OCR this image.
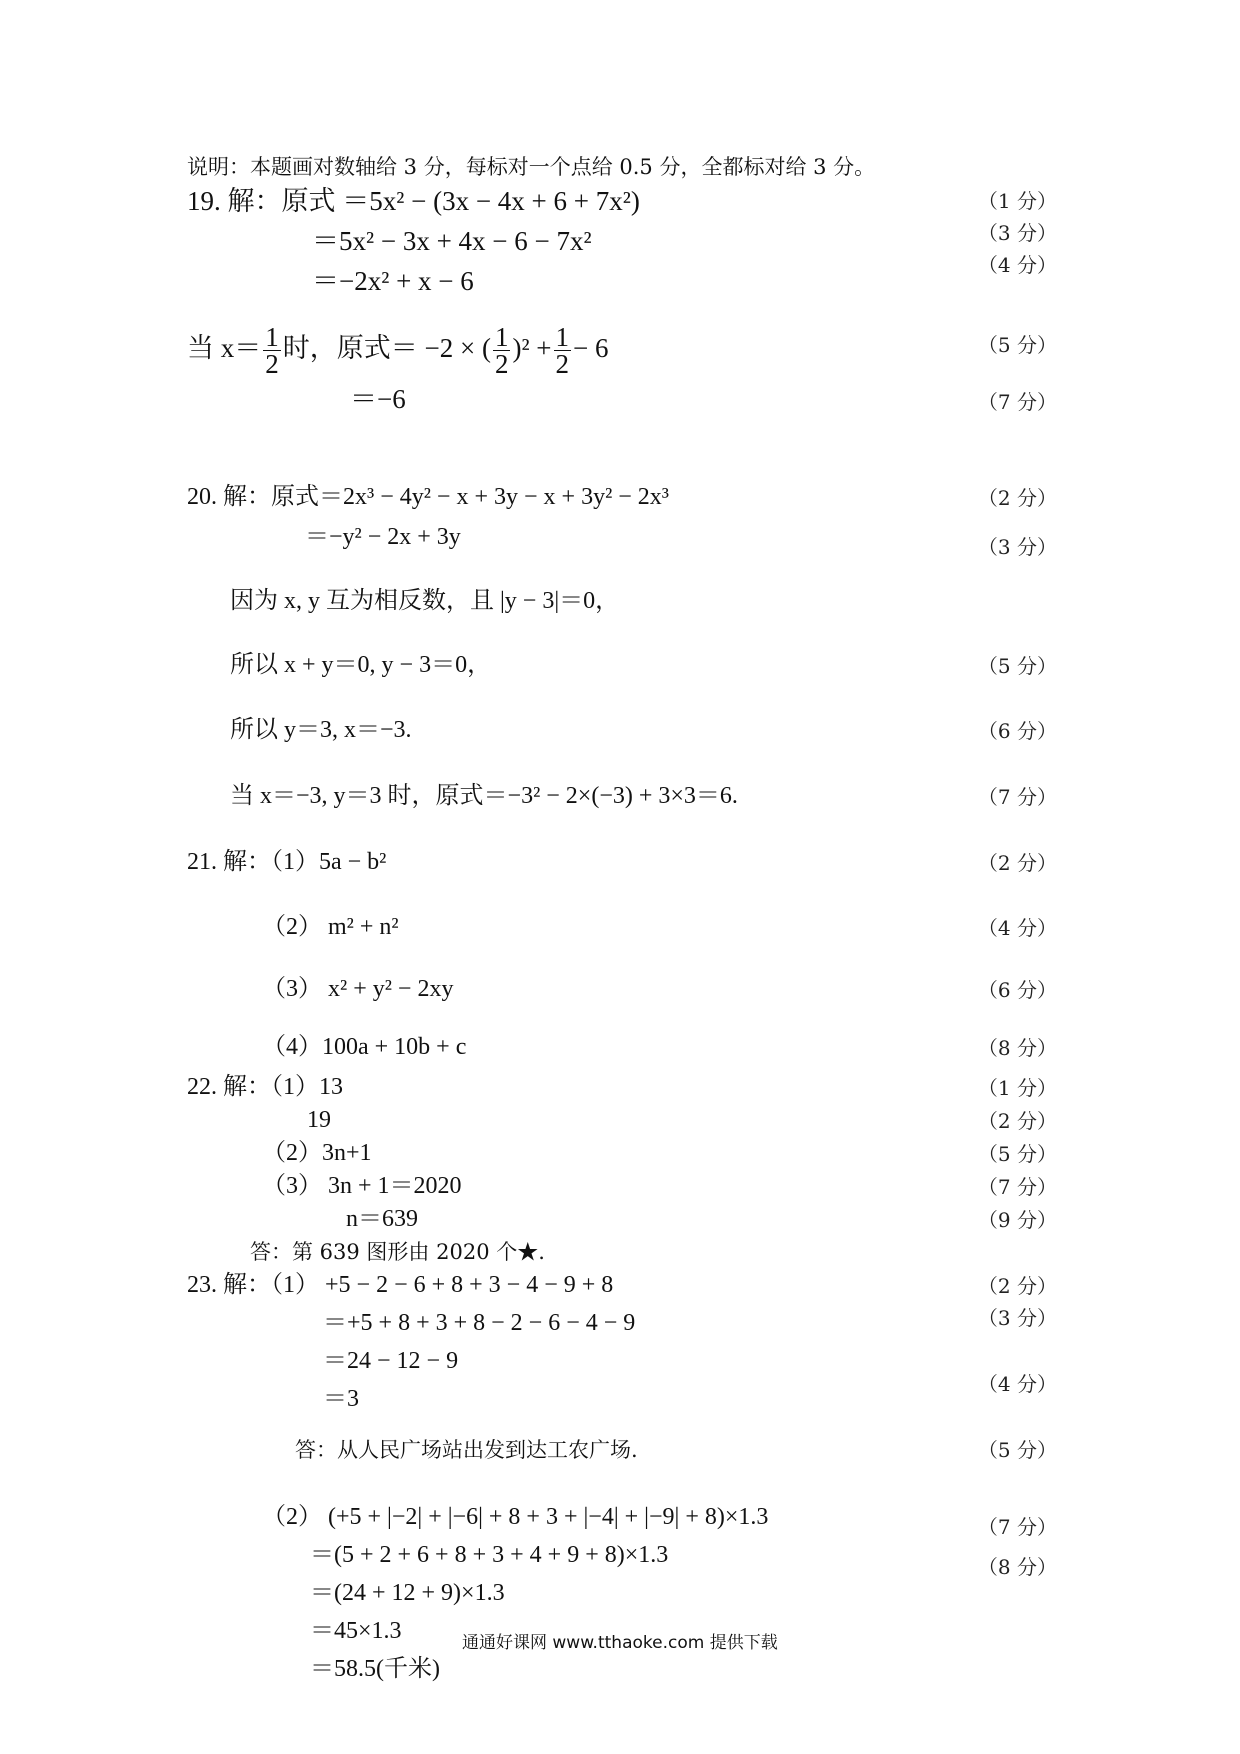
说明：本题画对数轴给 3 分，每标对一个点给 0.5 分，全都标对给 3 分。
19. 解：原式 ＝5x² − (3x − 4x + 6 + 7x²)
＝5x² − 3x + 4x − 6 − 7x²
＝−2x² + x − 6
当 $x= \frac{1}{2}$ 时，原式＝ −2 × ( $\frac{1}{2} )^2 + \frac{1}{2} - 6$
＝−6
20. 解：原式＝2x³ − 4y² − x + 3y − x + 3y² − 2x³
＝−y² − 2x + 3y
因为 x, y 互为相反数，且 |y − 3|＝0，
所以 x + y＝0, y − 3＝0，
所以 y＝3, x＝−3.
当 x＝−3, y＝3 时，原式＝−3² − 2×(−3) + 3×3＝6.
21. 解：（1）5a − b²
（2） m² + n²
（3） x² + y² − 2xy
（4）100a + 10b + c
22. 解：（1）13
19
（2）3n+1
（3） 3n + 1＝2020
n＝639
答：第 639 图形由 2020 个★.
23. 解：（1） +5 − 2 − 6 + 8 + 3 − 4 − 9 + 8
＝+5 + 8 + 3 + 8 − 2 − 6 − 4 − 9
＝24 − 12 − 9
＝3
答：从人民广场站出发到达工农广场.
（2） (+5 + |−2| + |−6| + 8 + 3 + |−4| + |−9| + 8)×1.3
＝(5 + 2 + 6 + 8 + 3 + 4 + 9 + 8)×1.3
＝(24 + 12 + 9)×1.3
＝45×1.3
＝58.5(千米)
（1 分）
（3 分）
（4 分）
（5 分）
（7 分）
（2 分）
（3 分）
（5 分）
（6 分）
（7 分）
（2 分）
（4 分）
（6 分）
（8 分）
（1 分）
（2 分）
（5 分）
（7 分）
（9 分）
（2 分）
（3 分）
（4 分）
（5 分）
（7 分）
（8 分）
通通好课网 www.tthaoke.com 提供下载
